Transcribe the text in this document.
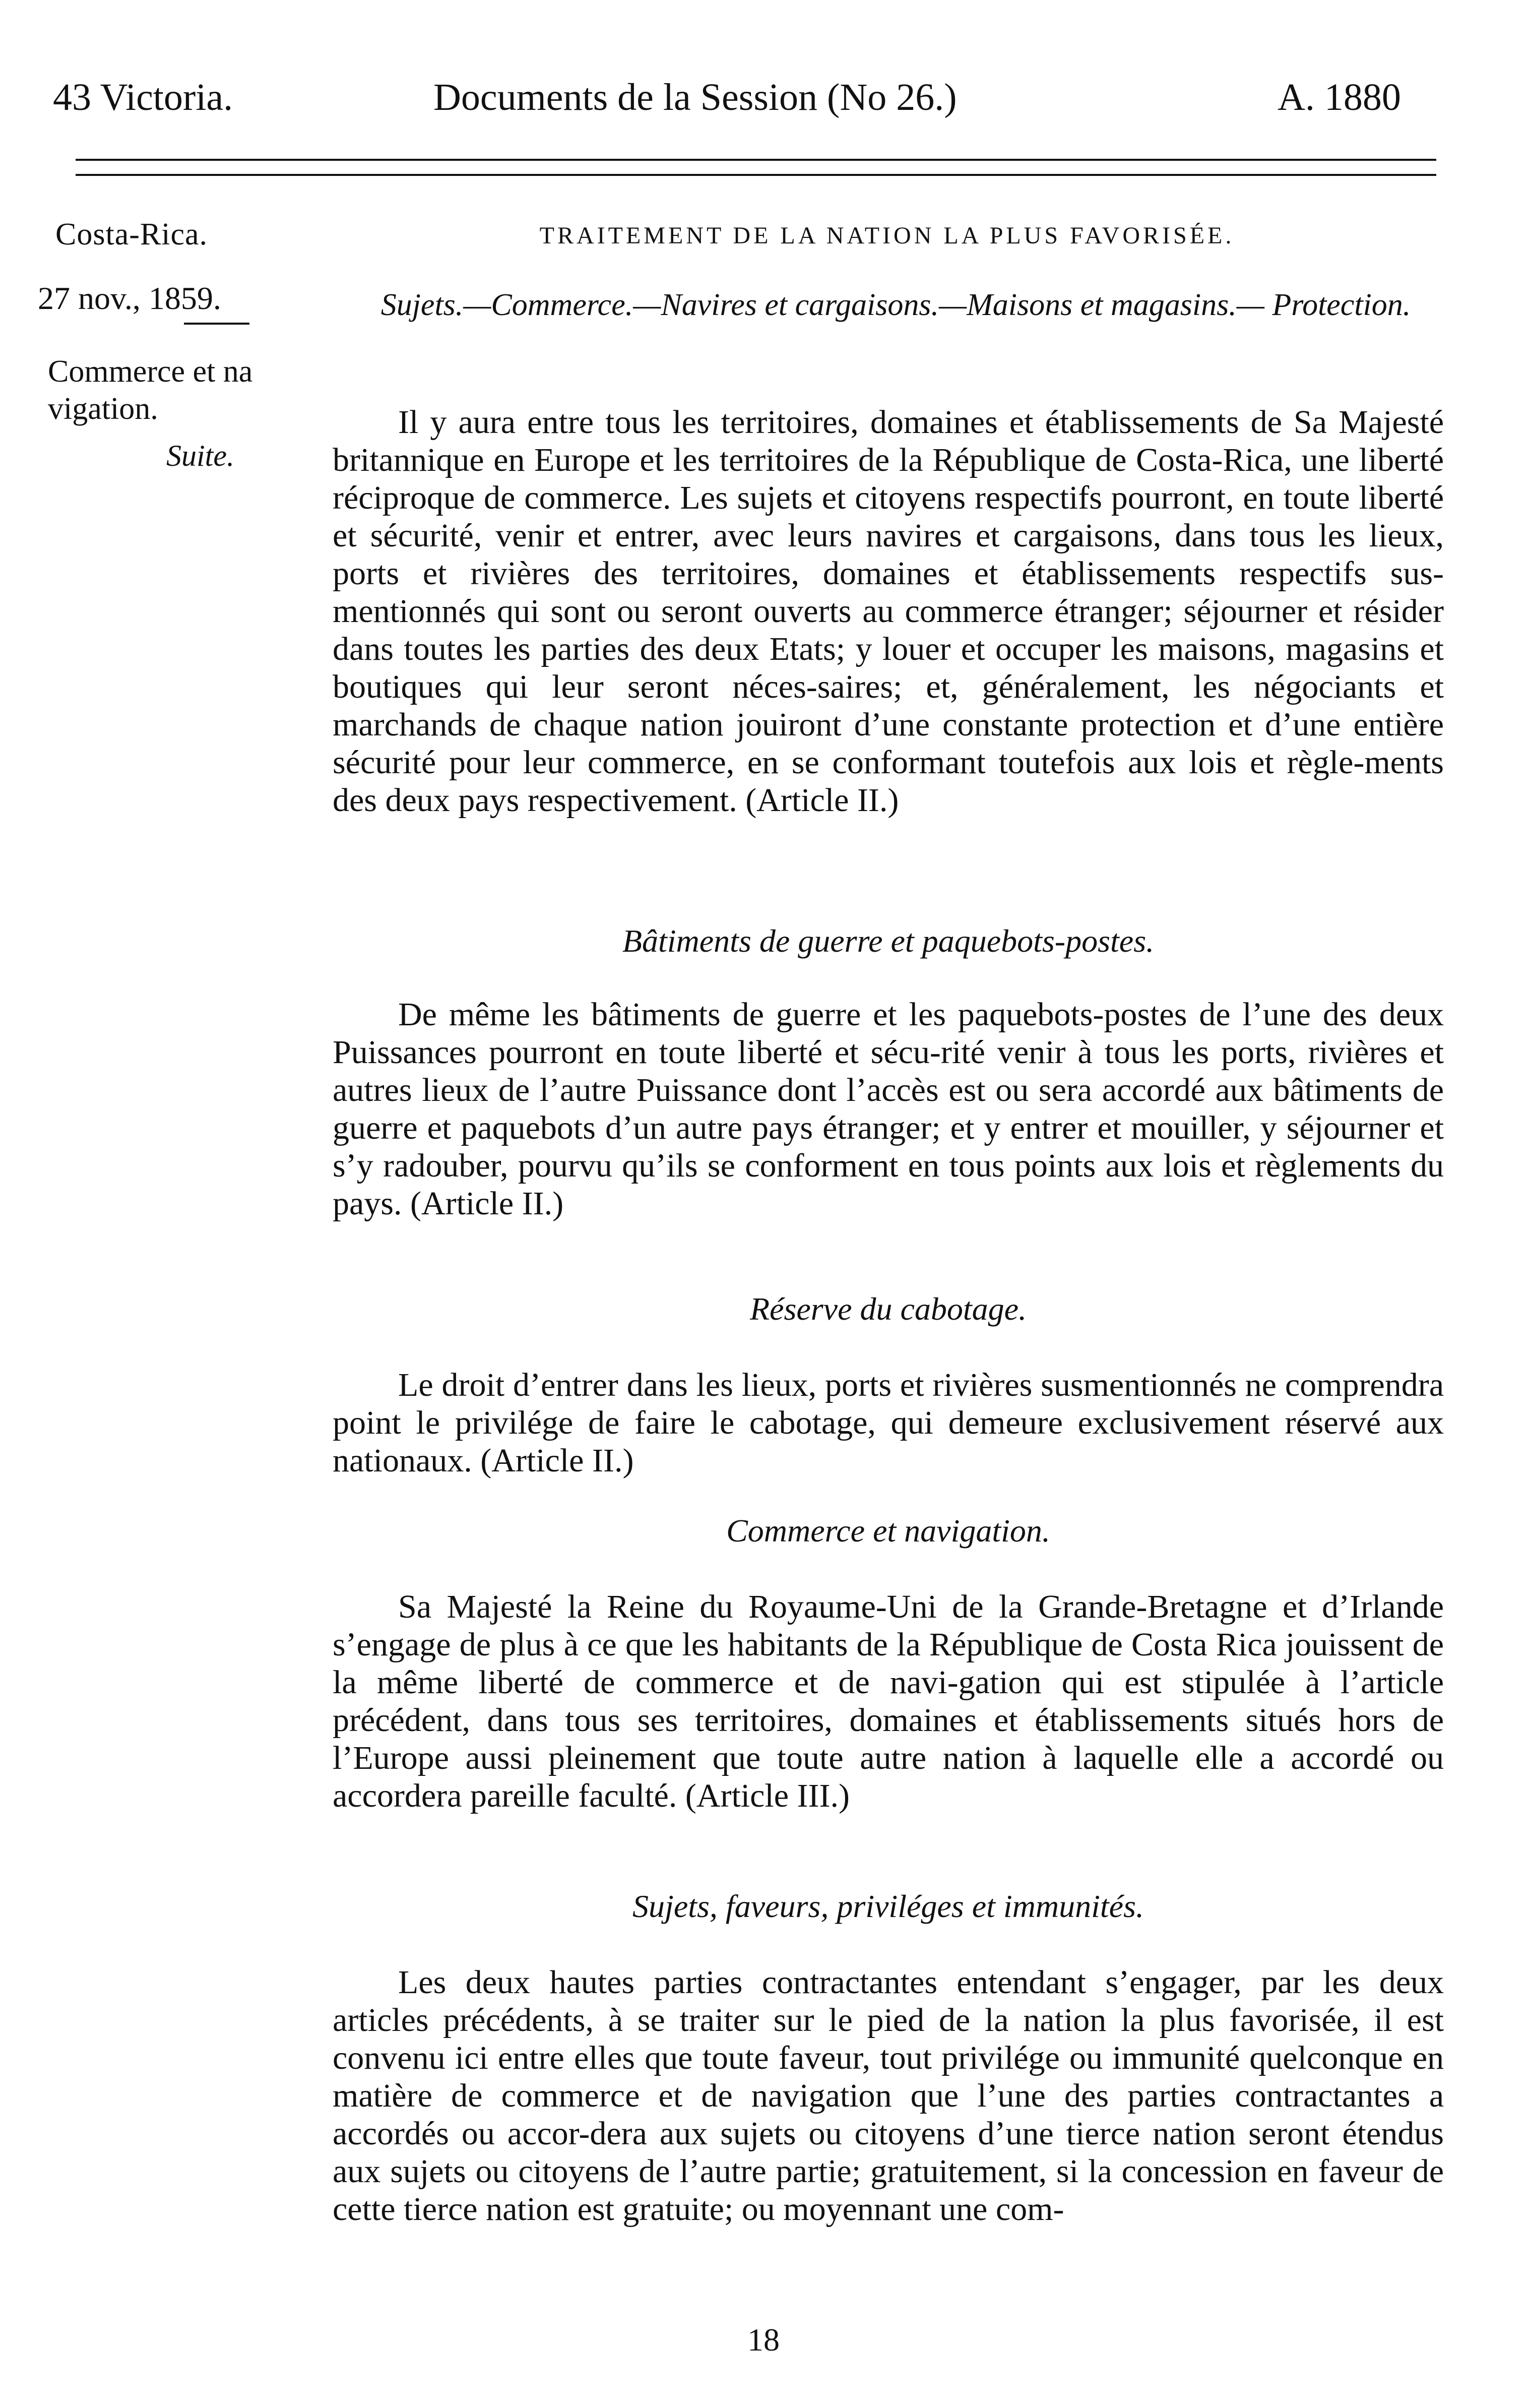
43 Victoria.	Documents de la Session (No 26.)	A. 1880
Costa-Rica.
27 nov., 1859.
Commerce et na vigation.
Suite.
TRAITEMENT DE LA NATION LA PLUS FAVORISÉE.
Sujets.—Commerce.—Navires et cargaisons.—Maisons et magasins.— Protection.

Il y aura entre tous les territoires, domaines et établissements de Sa Majesté britannique en Europe et les territoires de la République de Costa-Rica, une liberté réciproque de commerce. Les sujets et citoyens respectifs pourront, en toute liberté et sécurité, venir et entrer, avec leurs navires et cargaisons, dans tous les lieux, ports et rivières des territoires, domaines et établissements respectifs sus-mentionnés qui sont ou seront ouverts au commerce étranger; séjourner et résider dans toutes les parties des deux Etats; y louer et occuper les maisons, magasins et boutiques qui leur seront néces-saires; et, généralement, les négociants et marchands de chaque nation jouiront d’une constante protection et d’une entière sécurité pour leur commerce, en se conformant toutefois aux lois et règle-ments des deux pays respectivement. (Article II.)

Bâtiments de guerre et paquebots-postes.

De même les bâtiments de guerre et les paquebots-postes de l’une des deux Puissances pourront en toute liberté et sécu-rité venir à tous les ports, rivières et autres lieux de l’autre Puissance dont l’accès est ou sera accordé aux bâtiments de guerre et paquebots d’un autre pays étranger; et y entrer et mouiller, y séjourner et s’y radouber, pourvu qu’ils se conforment en tous points aux lois et règlements du pays. (Article II.)

Réserve du cabotage.

Le droit d’entrer dans les lieux, ports et rivières susmentionnés ne comprendra point le privilége de faire le cabotage, qui demeure exclusivement réservé aux nationaux. (Article II.)

Commerce et navigation.

Sa Majesté la Reine du Royaume-Uni de la Grande-Bretagne et d’Irlande s’engage de plus à ce que les habitants de la République de Costa Rica jouissent de la même liberté de commerce et de navi-gation qui est stipulée à l’article précédent, dans tous ses territoires, domaines et établissements situés hors de l’Europe aussi pleinement que toute autre nation à laquelle elle a accordé ou accordera pareille faculté. (Article III.)

Sujets, faveurs, priviléges et immunités.

Les deux hautes parties contractantes entendant s’engager, par les deux articles précédents, à se traiter sur le pied de la nation la plus favorisée, il est convenu ici entre elles que toute faveur, tout privilége ou immunité quelconque en matière de commerce et de navigation que l’une des parties contractantes a accordés ou accor-dera aux sujets ou citoyens d’une tierce nation seront étendus aux sujets ou citoyens de l’autre partie; gratuitement, si la concession en faveur de cette tierce nation est gratuite; ou moyennant une com-

18
